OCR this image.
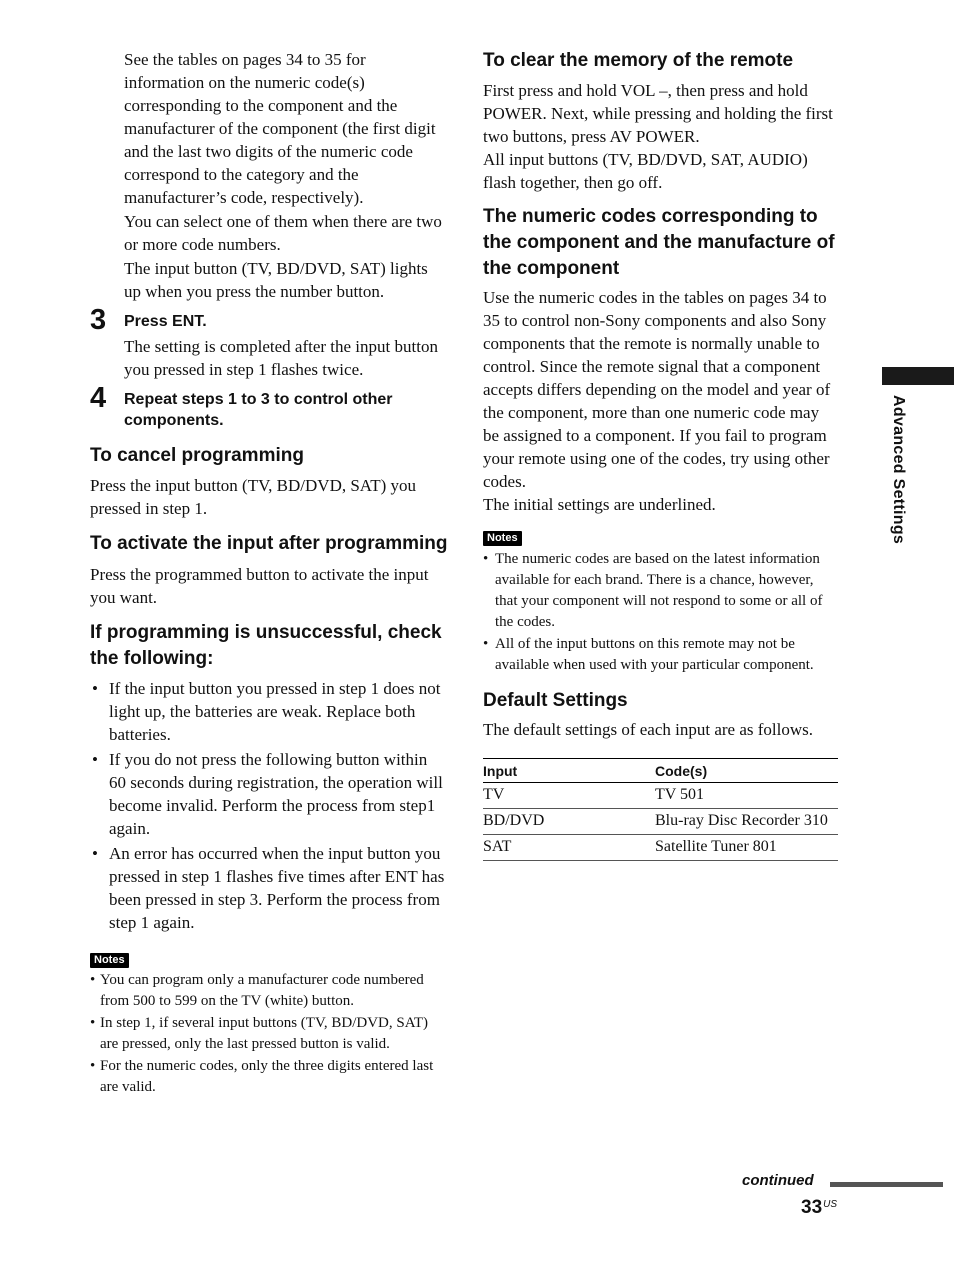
See the tables on pages 34 to 35 for information on the numeric code(s) corresponding to the component and the manufacturer of the component (the first digit and the last two digits of the numeric code correspond to the category and the manufacturer’s code, respectively).

You can select one of them when there are two or more code numbers.

The input button (TV, BD/DVD, SAT) lights up when you press the number button.

3 Press ENT.

The setting is completed after the input button you pressed in step 1 flashes twice.

4 Repeat steps 1 to 3 to control other components.
To cancel programming

Press the input button (TV, BD/DVD, SAT) you pressed in step 1.

To activate the input after programming

Press the programmed button to activate the input you want.

If programming is unsuccessful, check the following:
• If the input button you pressed in step 1 does not light up, the batteries are weak. Replace both batteries.
• If you do not press the following button within 60 seconds during registration, the operation will become invalid. Perform the process from step1 again.
• An error has occurred when the input button you pressed in step 1 flashes five times after ENT has been pressed in step 3. Perform the process from step 1 again.
Notes
• You can program only a manufacturer code numbered from 500 to 599 on the TV (white) button.
• In step 1, if several input buttons (TV, BD/DVD, SAT) are pressed, only the last pressed button is valid.
• For the numeric codes, only the three digits entered last are valid.
To clear the memory of the remote

First press and hold VOL –, then press and hold POWER. Next, while pressing and holding the first two buttons, press AV POWER.

All input buttons (TV, BD/DVD, SAT, AUDIO) flash together, then go off.

The numeric codes corresponding to the component and the manufacture of the component

Use the numeric codes in the tables on pages 34 to 35 to control non-Sony components and also Sony components that the remote is normally unable to control. Since the remote signal that a component accepts differs depending on the model and year of the component, more than one numeric code may be assigned to a component. If you fail to program your remote using one of the codes, try using other codes.

The initial settings are underlined.

Notes
• The numeric codes are based on the latest information available for each brand. There is a chance, however, that your component will not respond to some or all of the codes.
• All of the input buttons on this remote may not be available when used with your particular component.
Default Settings

The default settings of each input are as follows.

Input	Code(s)
TV	TV 501
BD/DVD	Blu-ray Disc Recorder 310
SAT	Satellite Tuner 801
Advanced Settings
continued
$33^{US}$
